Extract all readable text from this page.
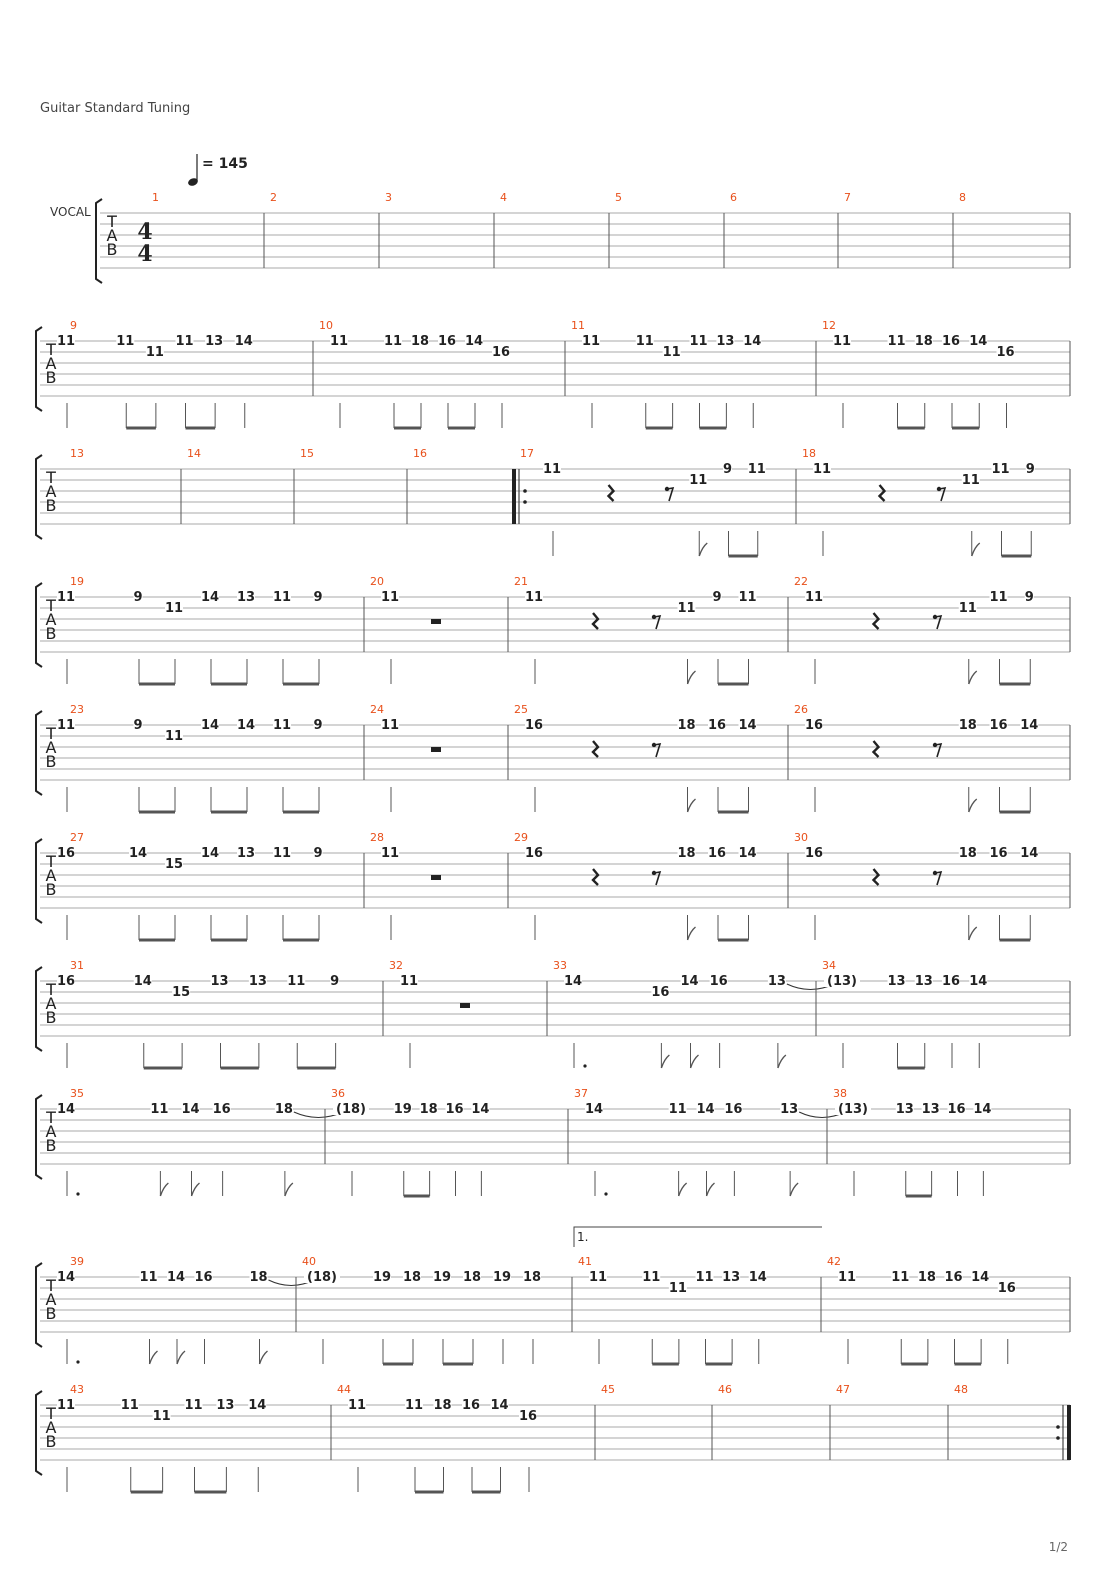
Guitar Standard Tuning
= 145
VOCAL T
A
B
4
4
1	2	3	4	5	6	7	8
T
A
B
9
11	11
11
11 13 14
10
11	11 18 16 14
16
11
11	11
11
11 13 14
12
11	11 18 16 14
16
T
A
B
13	14	15	16	17
11
11
9 11
18
11
11
11 9
T
A
B
19
11	9
11
14 13 11 9
20
11
21
11
11
9 11
22
11
11
11 9
T
A
B
23
11	9
11
14 14 11 9
24
11
25
16	18 16 14
26
16	18 16 14
T
A
B
27
16	14
15
14 13 11 9
28
11
29
16	18 16 14
30
16	18 16 14
T
A
B
31
16	14
15
13 13 11 9
32
11
33
14
16
14 16	13
34
(13) 13 13 16 14
T
A
B
35
14	11 14 16	18
36
(18) 19 18 16 14
37
14	11 14 16	13
38
(13) 13 13 16 14
T
A
B
39
14	11 14 16	18
40
(18)	19 18 19 18 19 18
41
1.
11	11
11
11 13 14
42
11	11 18 16 14
16
T
A
B
43
11	11
11
11 13 14
44
11	11 18 16 14
16
45	46	47	48
1/2
